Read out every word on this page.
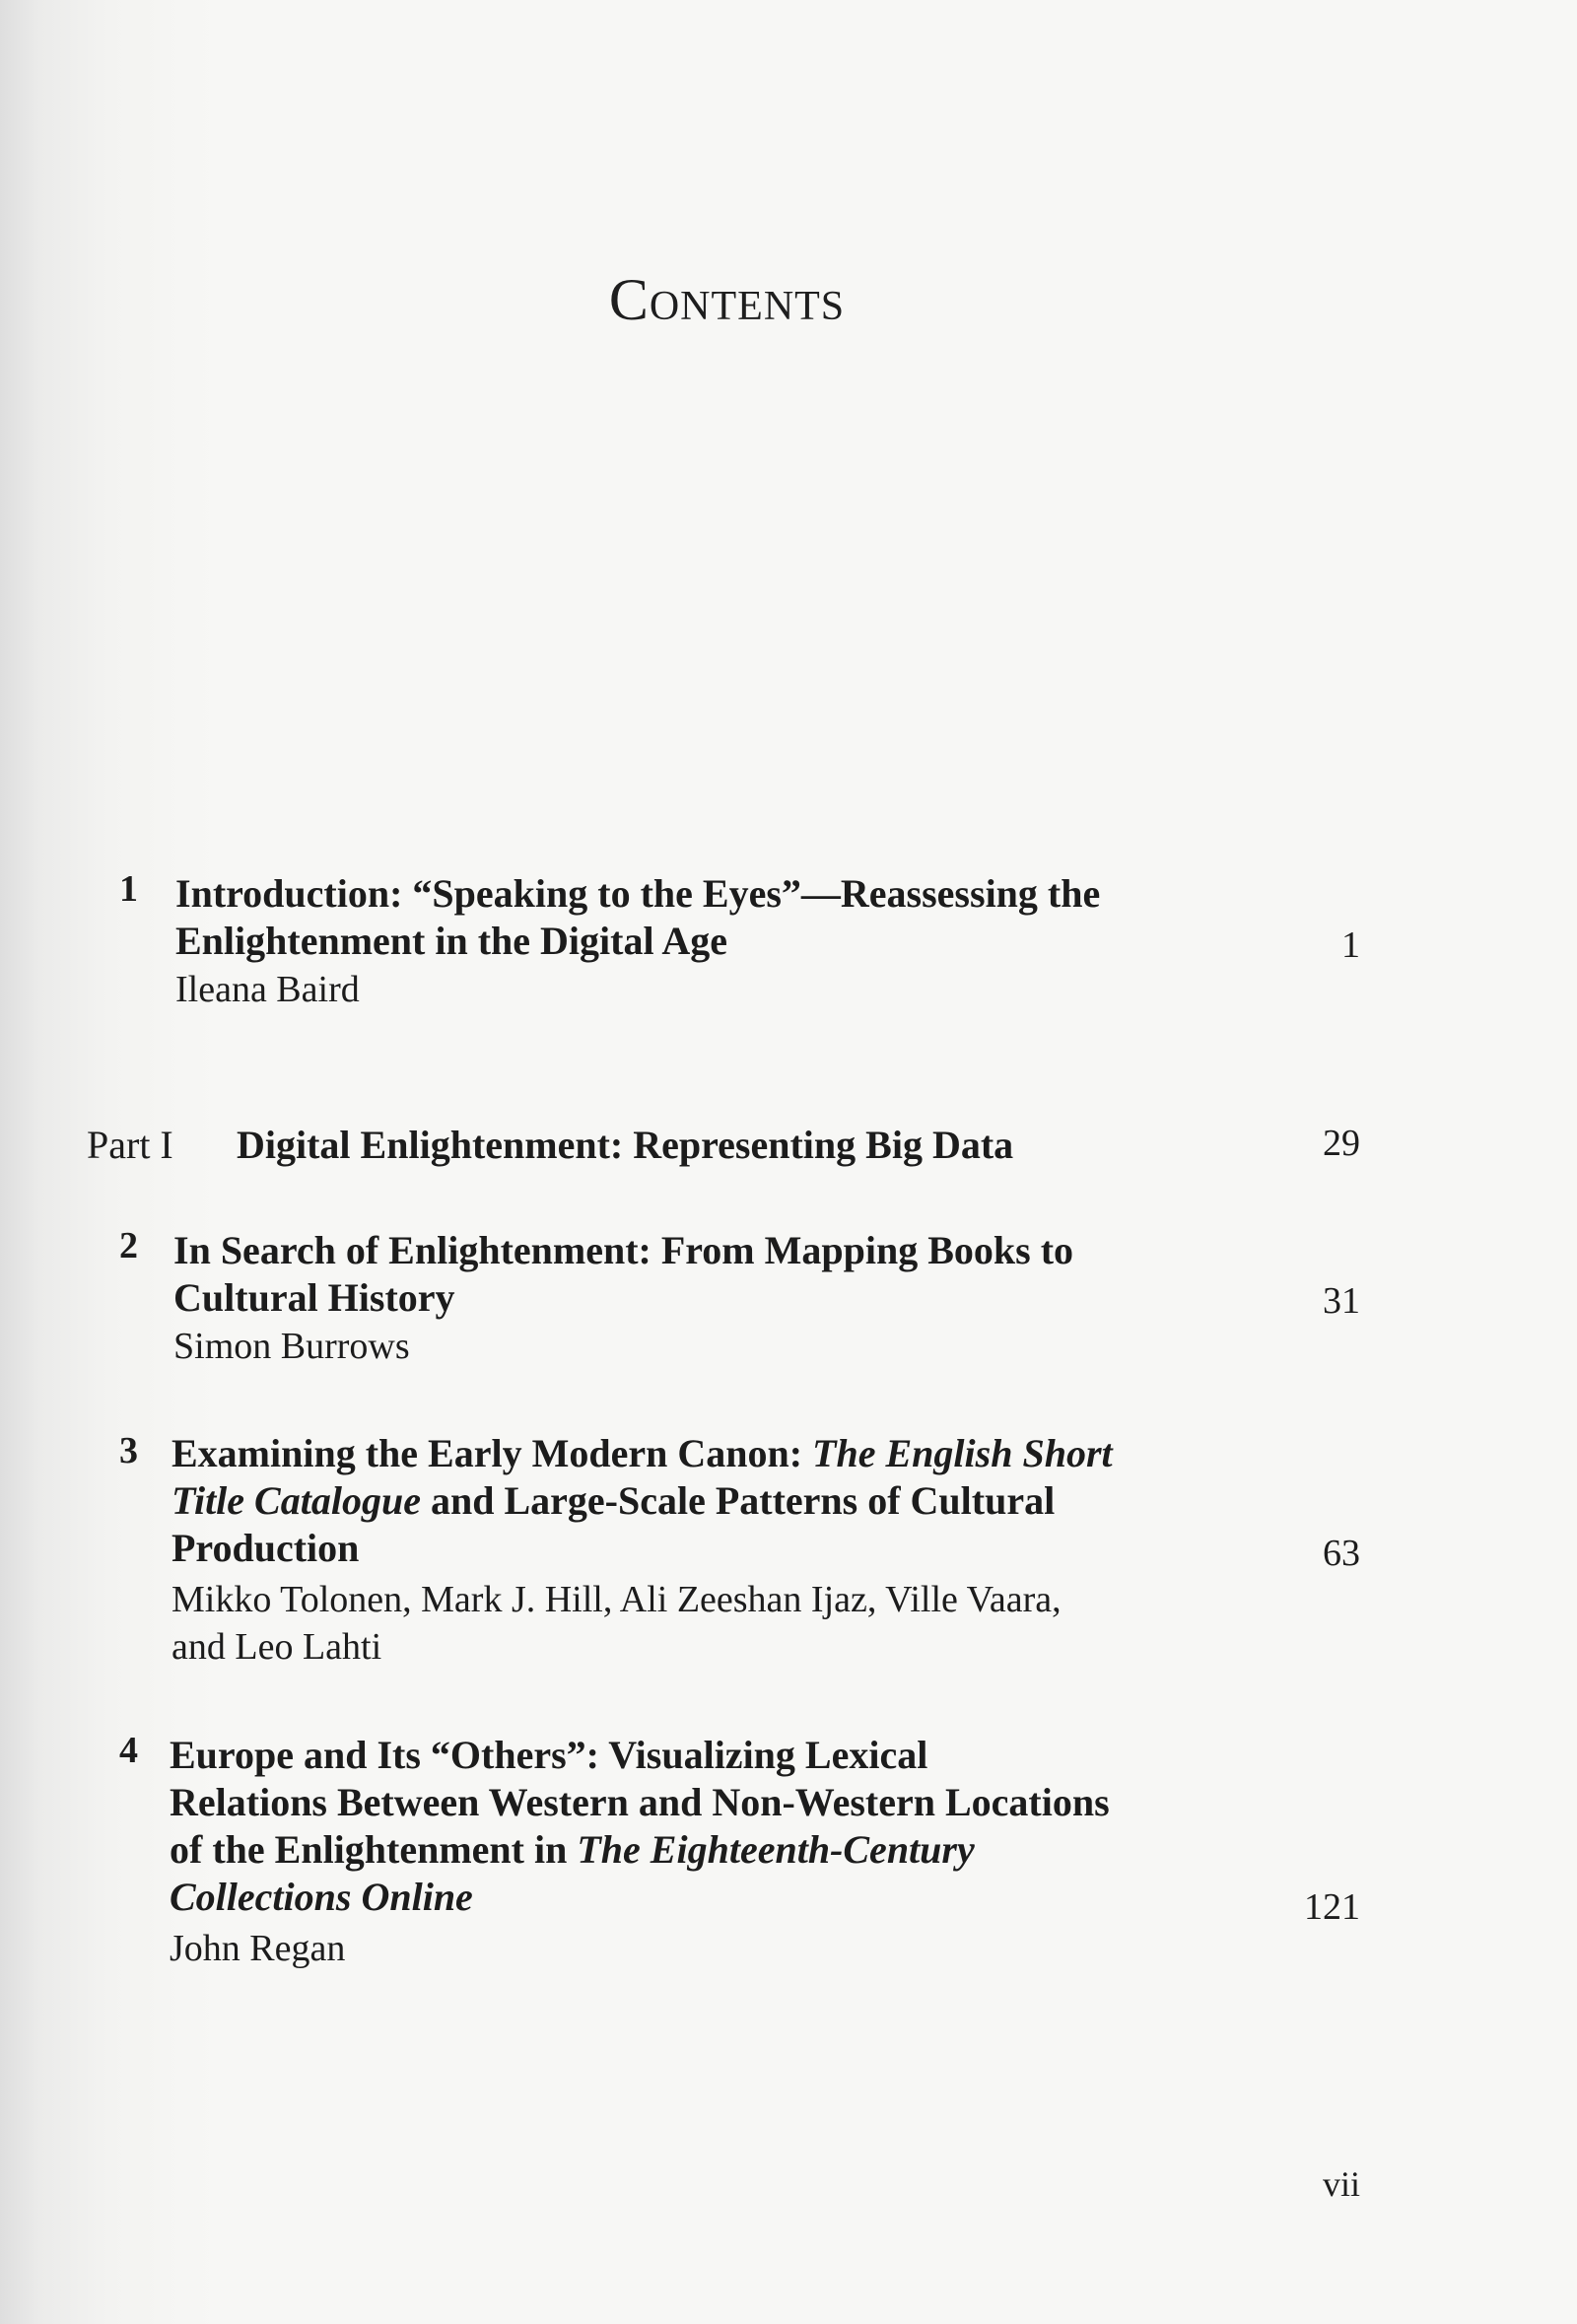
Contents
1 Introduction: “Speaking to the Eyes”—Reassessing the
Enlightenment in the Digital Age
Ileana Baird
1
Part I Digital Enlightenment: Representing Big Data	29
2 In Search of Enlightenment: From Mapping Books to
Cultural History
Simon Burrows
31
3 Examining the Early Modern Canon: The English Short
Title Catalogue and Large-Scale Patterns of Cultural
Production
Mikko Tolonen, Mark J. Hill, Ali Zeeshan Ijaz, Ville Vaara,
and Leo Lahti
63
4 Europe and Its “Others”: Visualizing Lexical
Relations Between Western and Non-Western Locations
of the Enlightenment in The Eighteenth-Century
Collections Online
John Regan
121
vii
